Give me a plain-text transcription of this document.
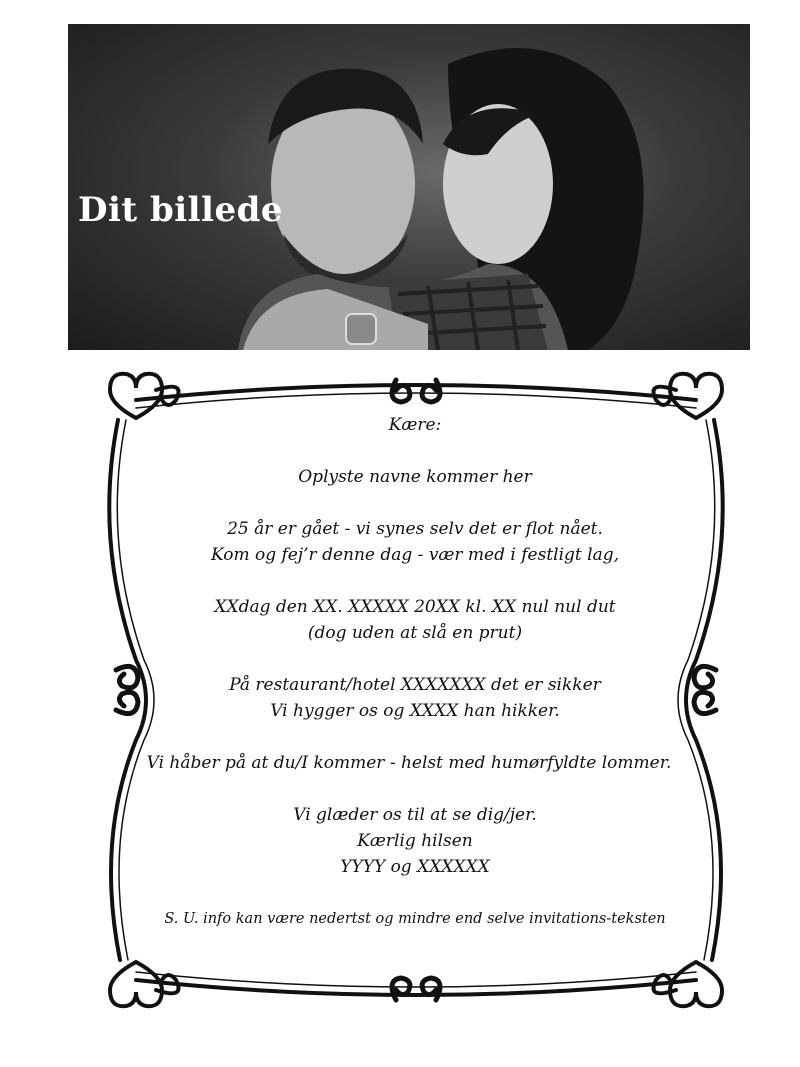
Dit billede
Kære:
Oplyste navne kommer her
25 år er gået - vi synes selv det er flot nået.
Kom og fej’r denne dag - vær med i festligt lag,
XXdag den XX. XXXXX 20XX kl. XX nul nul dut
(dog uden at slå en prut)
På restaurant/hotel XXXXXXX det er sikker
Vi hygger os og XXXX han hikker.
Vi håber på at du/I kommer - helst med humørfyldte lommer.
Vi glæder os til at se dig/jer.
Kærlig hilsen
YYYY og XXXXXX
S. U. info kan være nedertst og mindre end selve invitations-teksten
